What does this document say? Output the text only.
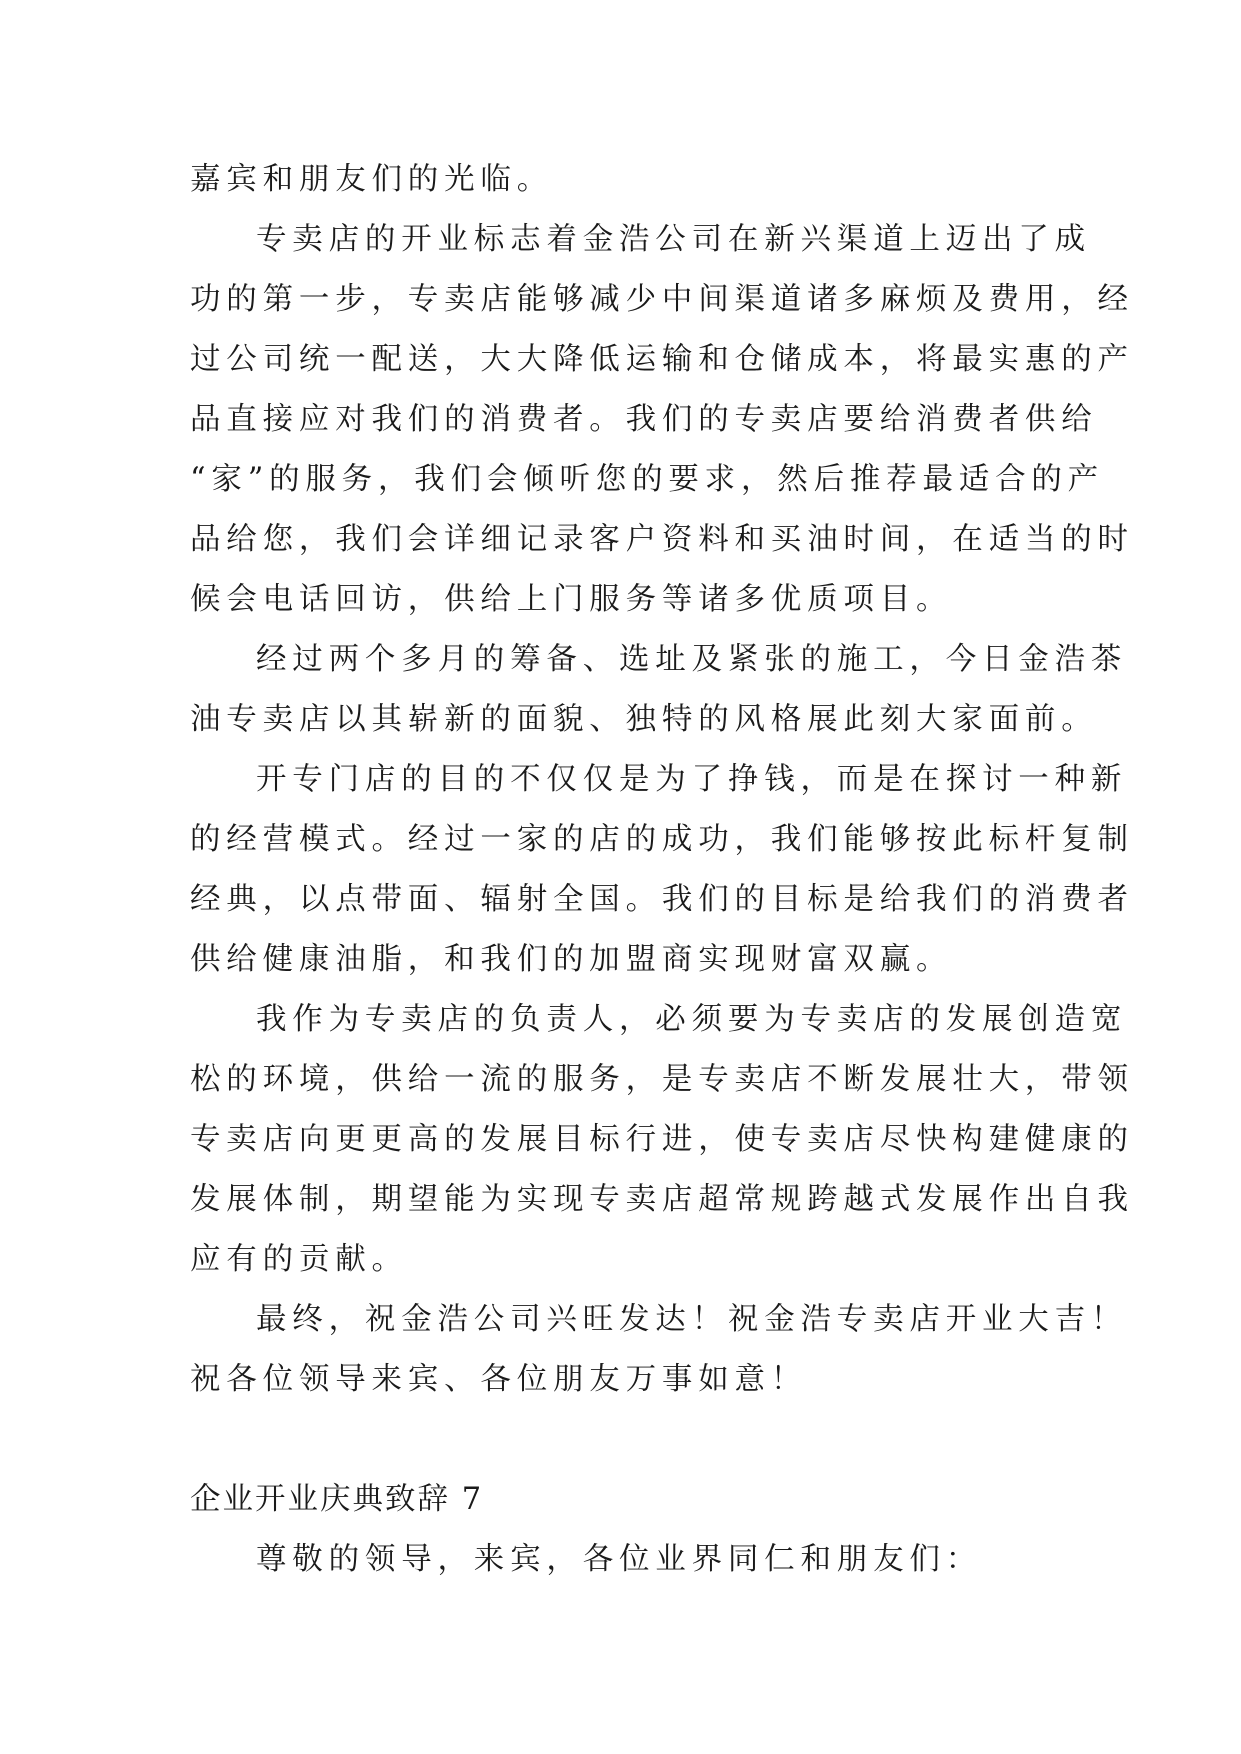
嘉宾和朋友们的光临。
专卖店的开业标志着金浩公司在新兴渠道上迈出了成
功的第一步，专卖店能够减少中间渠道诸多麻烦及费用，经
过公司统一配送，大大降低运输和仓储成本，将最实惠的产
品直接应对我们的消费者。我们的专卖店要给消费者供给
“家”的服务，我们会倾听您的要求，然后推荐最适合的产
品给您，我们会详细记录客户资料和买油时间，在适当的时
候会电话回访，供给上门服务等诸多优质项目。
经过两个多月的筹备、选址及紧张的施工，今日金浩茶
油专卖店以其崭新的面貌、独特的风格展此刻大家面前。
开专门店的目的不仅仅是为了挣钱，而是在探讨一种新
的经营模式。经过一家的店的成功，我们能够按此标杆复制
经典，以点带面、辐射全国。我们的目标是给我们的消费者
供给健康油脂，和我们的加盟商实现财富双赢。
我作为专卖店的负责人，必须要为专卖店的发展创造宽
松的环境，供给一流的服务，是专卖店不断发展壮大，带领
专卖店向更更高的发展目标行进，使专卖店尽快构建健康的
发展体制，期望能为实现专卖店超常规跨越式发展作出自我
应有的贡献。
最终，祝金浩公司兴旺发达！祝金浩专卖店开业大吉！
祝各位领导来宾、各位朋友万事如意！
企业开业庆典致辞 7
尊敬的领导，来宾，各位业界同仁和朋友们：
